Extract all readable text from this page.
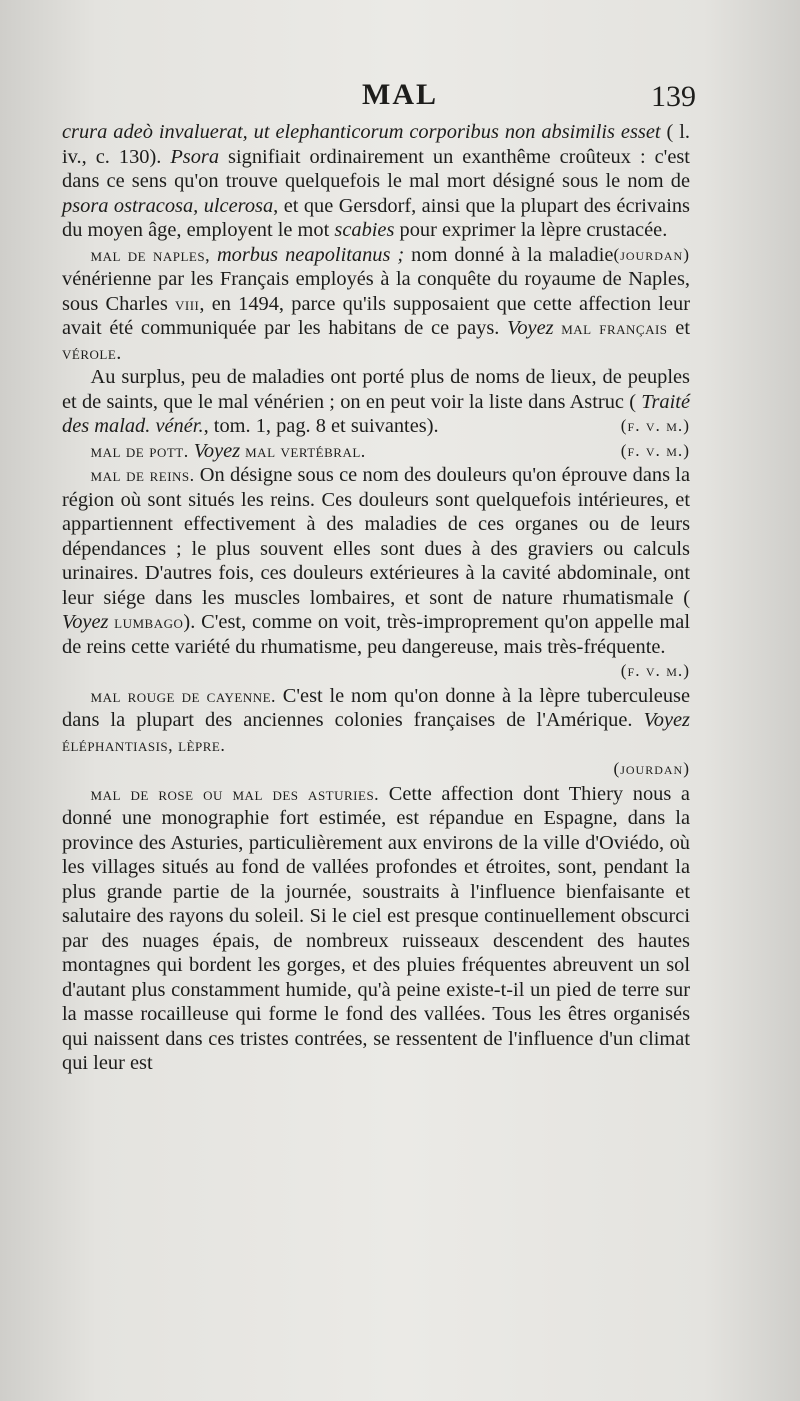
MAL	139

crura adeò invaluerat, ut elephanticorum corporibus non absimilis esset ( l. iv., c. 130). Psora signifiait ordinairement un exanthême croûteux : c'est dans ce sens qu'on trouve quelquefois le mal mort désigné sous le nom de psora ostracosa, ulcerosa, et que Gersdorf, ainsi que la plupart des écrivains du moyen âge, employent le mot scabies pour exprimer la lèpre crustacée.
(jourdan)

mal de naples, morbus neapolitanus ; nom donné à la maladie vénérienne par les Français employés à la conquête du royaume de Naples, sous Charles viii, en 1494, parce qu'ils supposaient que cette affection leur avait été communiquée par les habitans de ce pays. Voyez mal français et vérole.

Au surplus, peu de maladies ont porté plus de noms de lieux, de peuples et de saints, que le mal vénérien ; on en peut voir la liste dans Astruc ( Traité des malad. vénér., tom. 1, pag. 8 et suivantes).	(f. v. m.)

mal de pott. Voyez mal vertébral.	(f. v. m.)

mal de reins. On désigne sous ce nom des douleurs qu'on éprouve dans la région où sont situés les reins. Ces douleurs sont quelquefois intérieures, et appartiennent effectivement à des maladies de ces organes ou de leurs dépendances ; le plus souvent elles sont dues à des graviers ou calculs urinaires. D'autres fois, ces douleurs extérieures à la cavité abdominale, ont leur siége dans les muscles lombaires, et sont de nature rhumatismale ( Voyez lumbago). C'est, comme on voit, très-improprement qu'on appelle mal de reins cette variété du rhumatisme, peu dangereuse, mais très-fréquente.

(f. v. m.)

mal rouge de cayenne. C'est le nom qu'on donne à la lèpre tuberculeuse dans la plupart des anciennes colonies françaises de l'Amérique. Voyez éléphantiasis, lèpre.

(jourdan)

mal de rose ou mal des asturies. Cette affection dont Thiery nous a donné une monographie fort estimée, est répandue en Espagne, dans la province des Asturies, particulièrement aux environs de la ville d'Oviédo, où les villages situés au fond de vallées profondes et étroites, sont, pendant la plus grande partie de la journée, soustraits à l'influence bienfaisante et salutaire des rayons du soleil. Si le ciel est presque continuellement obscurci par des nuages épais, de nombreux ruisseaux descendent des hautes montagnes qui bordent les gorges, et des pluies fréquentes abreuvent un sol d'autant plus constamment humide, qu'à peine existe-t-il un pied de terre sur la masse rocailleuse qui forme le fond des vallées. Tous les êtres organisés qui naissent dans ces tristes contrées, se ressentent de l'influence d'un climat qui leur est
